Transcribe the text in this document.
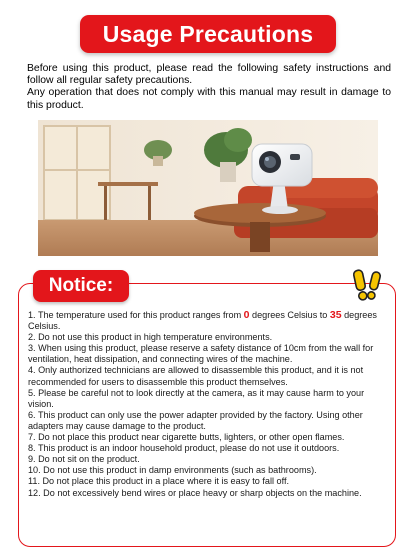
Usage Precautions

Before using this product, please read the following safety instructions and follow all regular safety precautions.

Any operation that does not comply with this manual may result in damage to this product.

Notice:

1. The temperature used for this product ranges from 0 degrees Celsius to 35 degrees Celsius.

2. Do not use this product in high temperature environments.

3. When using this product, please reserve a safety distance of 10cm from the wall for ventilation, heat dissipation, and connecting wires of the machine.

4. Only authorized technicians are allowed to disassemble this product, and it is not recommended for users to disassemble this product themselves.

5. Please be careful not to look directly at the camera, as it may cause harm to your vision.

6. This product can only use the power adapter provided by the factory. Using other adapters may cause damage to the product.

7. Do not place this product near cigarette butts, lighters, or other open flames.

8. This product is an indoor household product, please do not use it outdoors.

9. Do not sit on the product.

10. Do not use this product in damp environments (such as bathrooms).

11. Do not place this product in a place where it is easy to fall off.

12. Do not excessively bend wires or place heavy or sharp objects on the machine.
